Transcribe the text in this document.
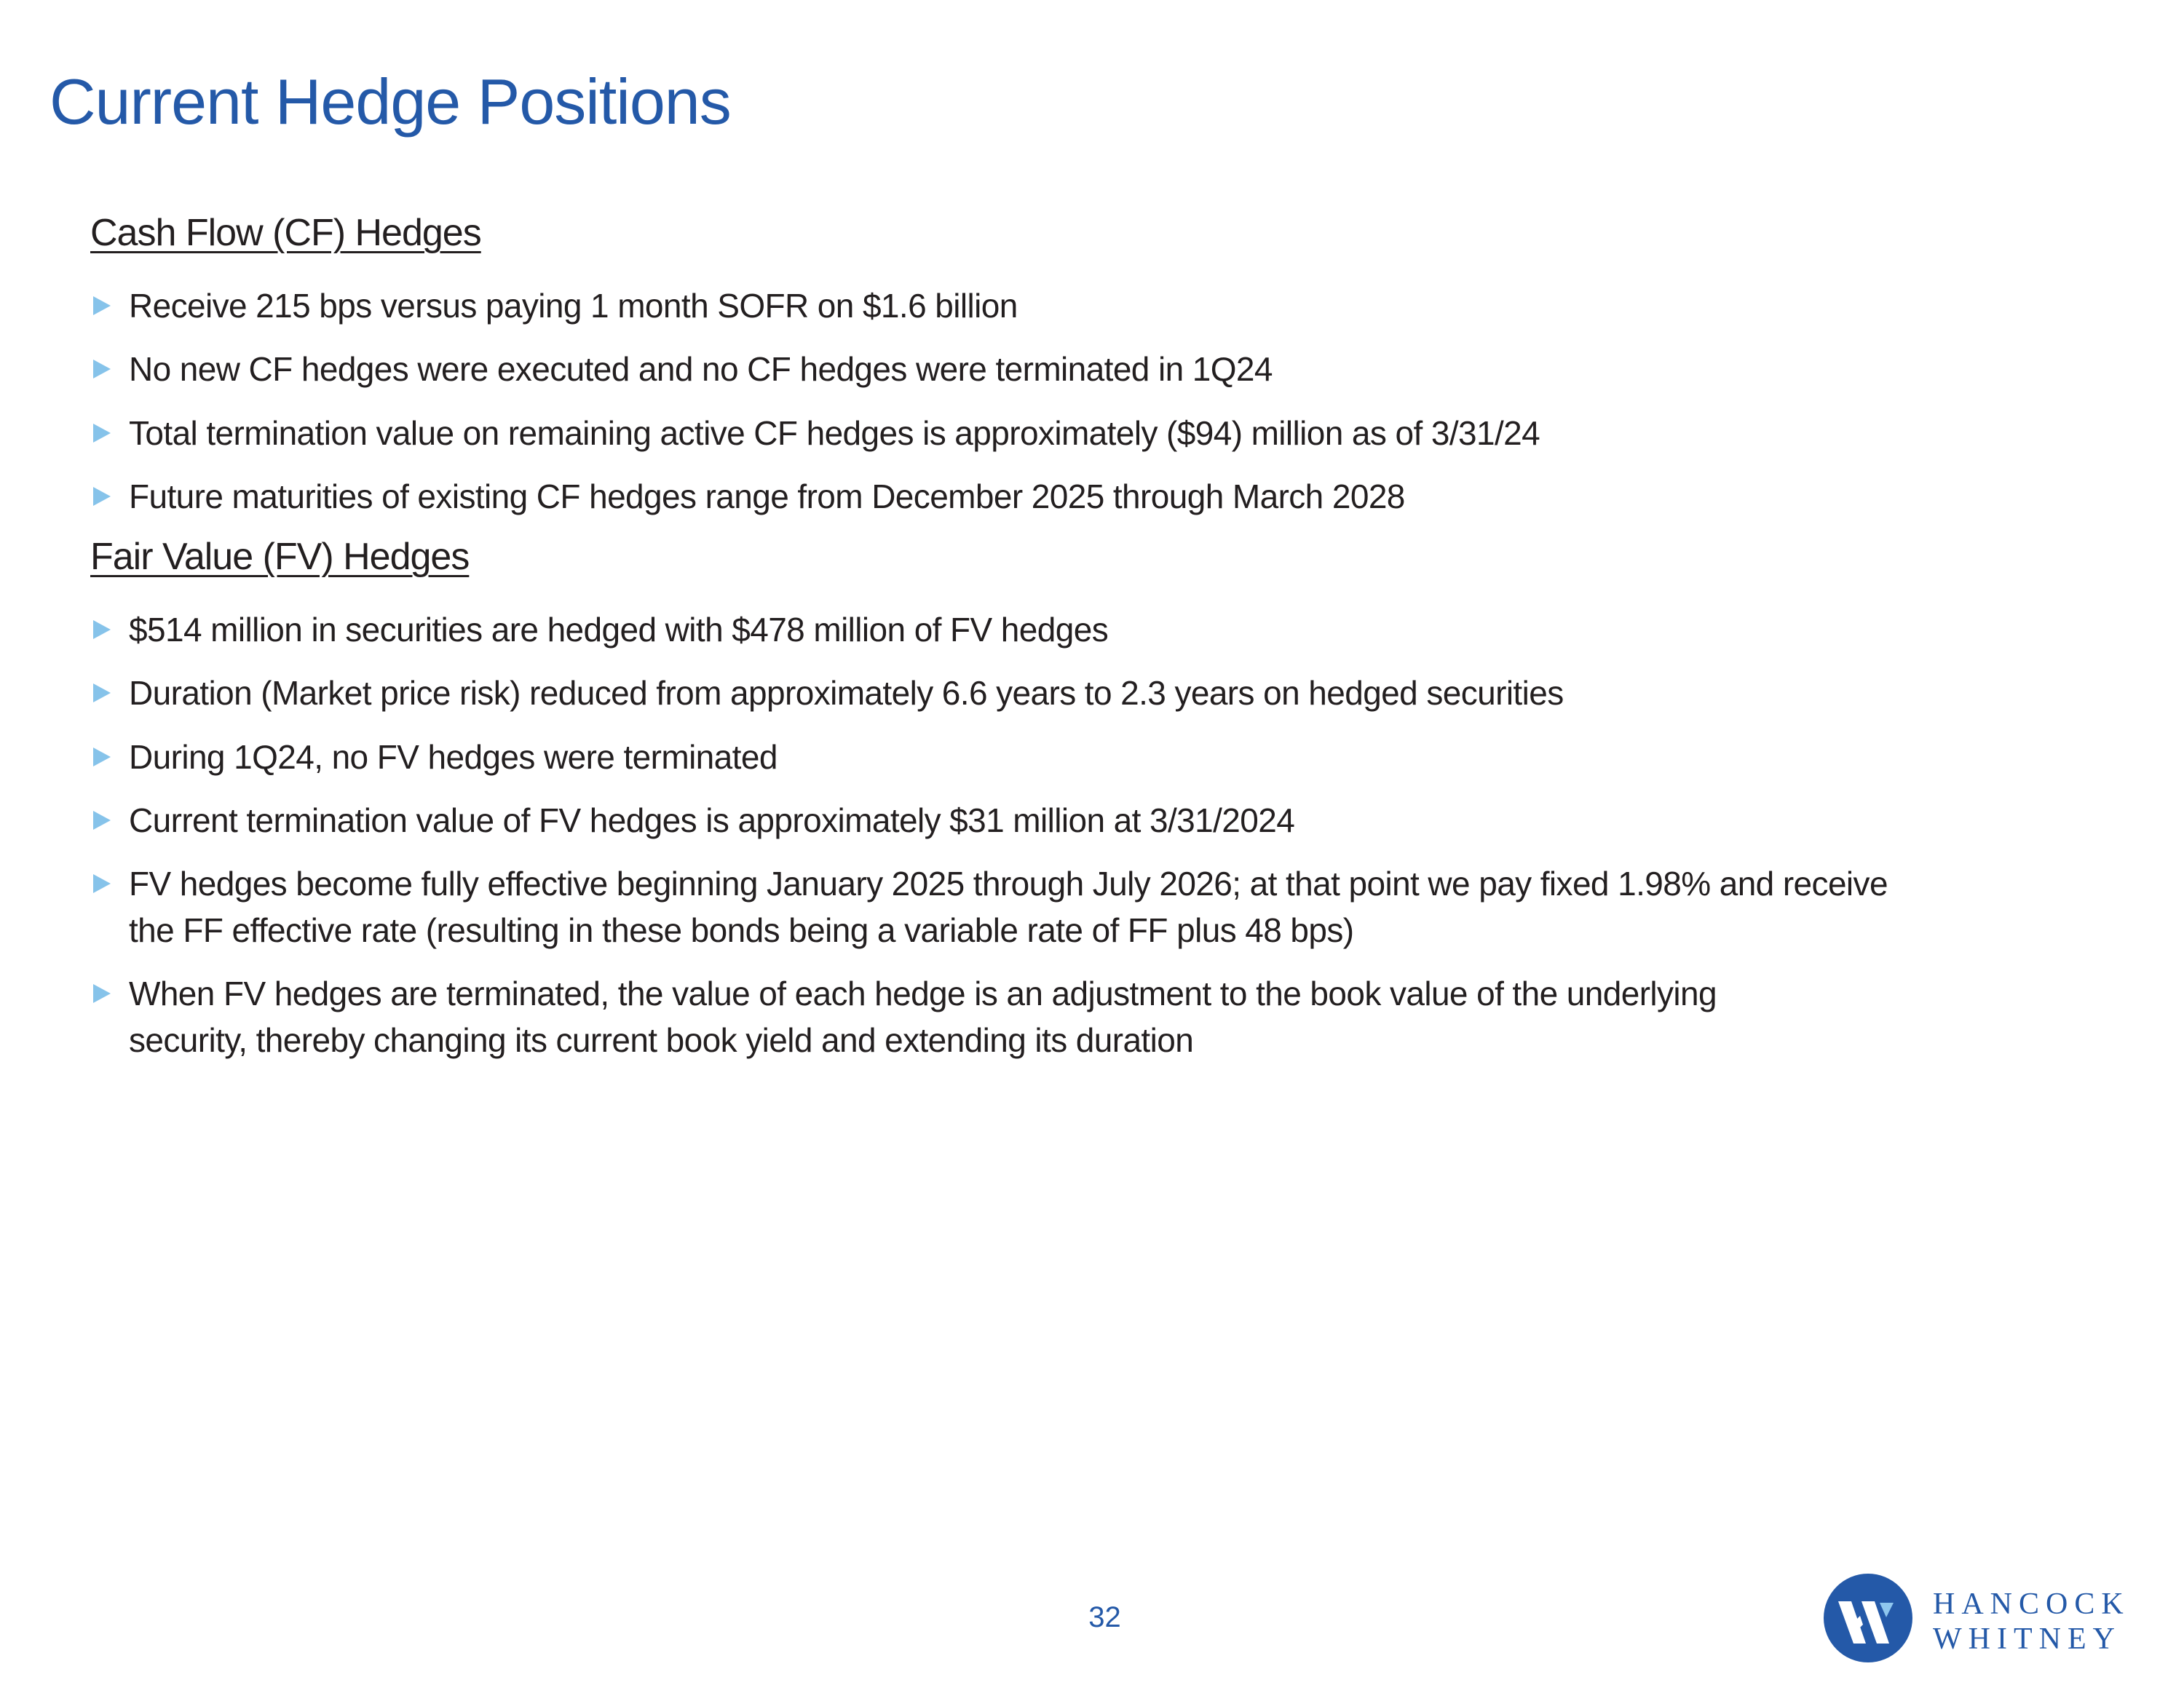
Current Hedge Positions
Cash Flow (CF) Hedges
Receive 215 bps versus paying 1 month SOFR on $1.6 billion
No new CF hedges were executed and no CF hedges were terminated in 1Q24
Total termination value on remaining active CF hedges is approximately ($94) million as of 3/31/24
Future maturities of existing CF hedges range from December 2025 through March 2028
Fair Value (FV) Hedges
$514 million in securities are hedged with $478 million of FV hedges
Duration (Market price risk) reduced from approximately 6.6 years to 2.3 years on hedged securities
During 1Q24, no FV hedges were terminated
Current termination value of FV hedges is approximately $31 million at 3/31/2024
FV hedges become fully effective beginning January 2025 through July 2026; at that point we pay fixed 1.98% and receive the FF effective rate (resulting in these bonds being a variable rate of FF plus 48 bps)
When FV hedges are terminated, the value of each hedge is an adjustment to the book value of the underlying security, thereby changing its current book yield and extending its duration
32	HANCOCK
WHITNEY
